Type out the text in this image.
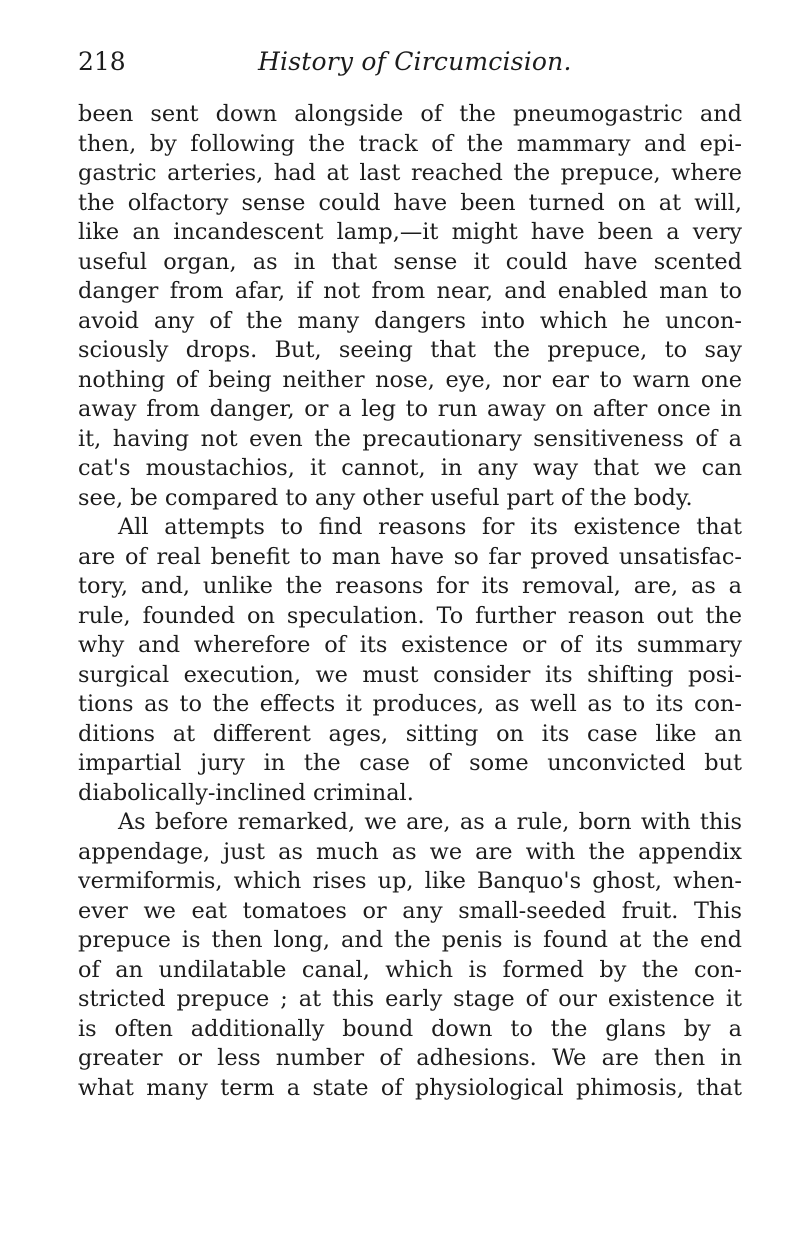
218	History of Circumcision.
been sent down alongside of the pneumogastric and
then, by following the track of the mammary and epi-
gastric arteries, had at last reached the prepuce, where
the olfactory sense could have been turned on at will,
like an incandescent lamp,—it might have been a very
useful organ, as in that sense it could have scented
danger from afar, if not from near, and enabled man to
avoid any of the many dangers into which he uncon-
sciously drops. But, seeing that the prepuce, to say
nothing of being neither nose, eye, nor ear to warn one
away from danger, or a leg to run away on after once in
it, having not even the precautionary sensitiveness of a
cat's moustachios, it cannot, in any way that we can
see, be compared to any other useful part of the body.
All attempts to find reasons for its existence that
are of real benefit to man have so far proved unsatisfac-
tory, and, unlike the reasons for its removal, are, as a
rule, founded on speculation. To further reason out the
why and wherefore of its existence or of its summary
surgical execution, we must consider its shifting posi-
tions as to the effects it produces, as well as to its con-
ditions at different ages, sitting on its case like an
impartial jury in the case of some unconvicted but
diabolically-inclined criminal.
As before remarked, we are, as a rule, born with this
appendage, just as much as we are with the appendix
vermiformis, which rises up, like Banquo's ghost, when-
ever we eat tomatoes or any small-seeded fruit. This
prepuce is then long, and the penis is found at the end
of an undilatable canal, which is formed by the con-
stricted prepuce ; at this early stage of our existence it
is often additionally bound down to the glans by a
greater or less number of adhesions. We are then in
what many term a state of physiological phimosis, that
